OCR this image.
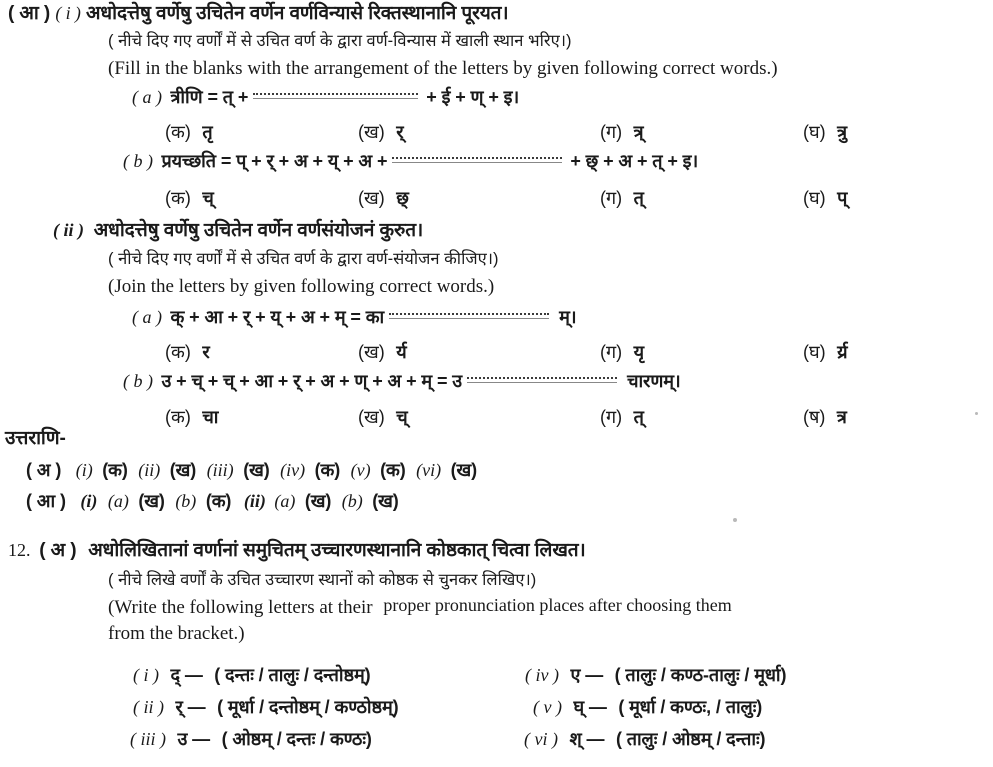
( आ ) ( i ) अधोदत्तेषु वर्णेषु उचितेन वर्णेन वर्णविन्यासे रिक्तस्थानानि पूरयत।
( नीचे दिए गए वर्णों में से उचित वर्ण के द्वारा वर्ण-विन्यास में खाली स्थान भरिए।)
(Fill in the blanks with the arrangement of the letters by given following correct words.)
( a ) त्रीणि = त् +	+ ई + ण् + इ।
(क) तृ	(ख) र्	(ग) त्र्	(घ) त्रु
( b ) प्रयच्छति = प् + र् + अ + य् + अ +	+ छ् + अ + त् + इ।
(क) च्	(ख) छ्	(ग) त्	(घ) प्
( ii ) अधोदत्तेषु वर्णेषु उचितेन वर्णेन वर्णसंयोजनं कुरुत।
( नीचे दिए गए वर्णों में से उचित वर्ण के द्वारा वर्ण-संयोजन कीजिए।)
(Join the letters by given following correct words.)
( a ) क् + आ + र् + य् + अ + म् = का	म्।
(क) र	(ख) र्य	(ग) यृ	(घ) र्य्र
( b ) उ + च् + च् + आ + र् + अ + ण् + अ + म् = उ	चारणम्।
(क) चा	(ख) च्	(ग) त्	(ष) त्र
उत्तराणि-
( अ ) (i) (क) (ii) (ख) (iii) (ख) (iv) (क) (v) (क) (vi) (ख)
( आ ) (i) (a) (ख) (b) (क) (ii) (a) (ख) (b) (ख)
12. ( अ ) अधोलिखितानां वर्णानां समुचितम् उच्चारणस्थानानि कोष्ठकात् चित्वा लिखत।
( नीचे लिखे वर्णों के उचित उच्चारण स्थानों को कोष्ठक से चुनकर लिखिए।)
(Write the following letters at their proper pronunciation places after choosing them
from the bracket.)
( i ) द् — ( दन्तः / तालुः / दन्तोष्ठम्)
( ii ) र् — ( मूर्धा / दन्तोष्ठम् / कण्ठोष्ठम्)
( iii ) उ — ( ओष्ठम् / दन्तः / कण्ठः)
( iv ) ए — ( तालुः / कण्ठ-तालुः / मूर्धा)
( v ) घ् — ( मूर्धा / कण्ठः, / तालुः)
( vi ) श् — ( तालुः / ओष्ठम् / दन्ताः)
